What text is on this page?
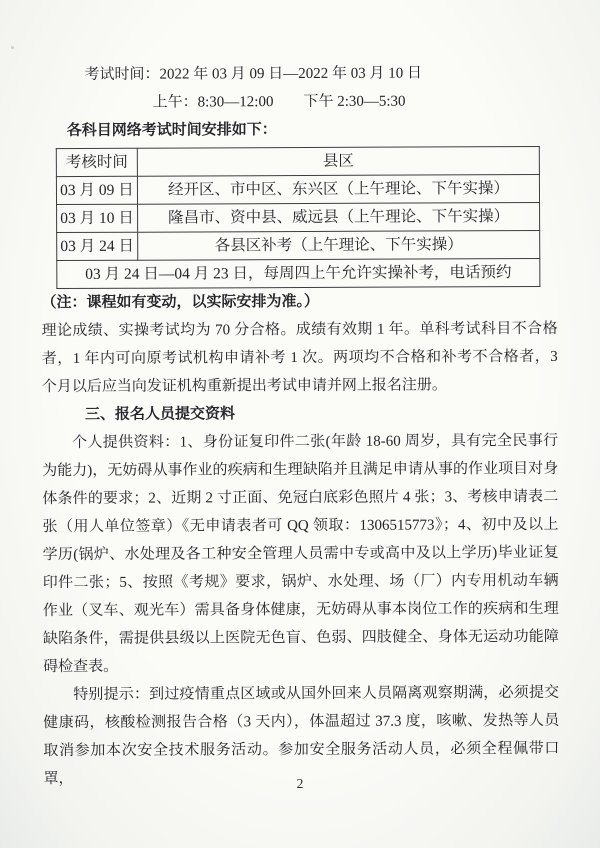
考试时间：2022 年 03 月 09 日—2022 年 03 月 10 日

上午：8:30—12:00 下午 2:30—5:30

各科目网络考试时间安排如下：

考核时间	县区
03 月 09 日	经开区、市中区、东兴区（上午理论、下午实操）
03 月 10 日	隆昌市、资中县、威远县（上午理论、下午实操）
03 月 24 日	各县区补考（上午理论、下午实操）
03 月 24 日—04 月 23 日，每周四上午允许实操补考，电话预约	

（注：课程如有变动，以实际安排为准。）

理论成绩、实操考试均为 70 分合格。成绩有效期 1 年。单科考试科目不合格者，1 年内可向原考试机构申请补考 1 次。两项均不合格和补考不合格者，3 个月以后应当向发证机构重新提出考试申请并网上报名注册。

三、报名人员提交资料

个人提供资料：1、身份证复印件二张(年龄 18-60 周岁，具有完全民事行为能力)，无妨碍从事作业的疾病和生理缺陷并且满足申请从事的作业项目对身体条件的要求；2、近期 2 寸正面、免冠白底彩色照片 4 张；3、考核申请表二张（用人单位签章）《无申请表者可 QQ 领取：1306515773》；4、初中及以上学历(锅炉、水处理及各工种安全管理人员需中专或高中及以上学历)毕业证复印件二张；5、按照《考规》要求，锅炉、水处理、场（厂）内专用机动车辆作业（叉车、观光车）需具备身体健康，无妨碍从事本岗位工作的疾病和生理缺陷条件，需提供县级以上医院无色盲、色弱、四肢健全、身体无运动功能障碍检查表。

特别提示：到过疫情重点区域或从国外回来人员隔离观察期满，必须提交健康码，核酸检测报告合格（3 天内），体温超过 37.3 度，咳嗽、发热等人员取消参加本次安全技术服务活动。参加安全服务活动人员，必须全程佩带口罩，	2
